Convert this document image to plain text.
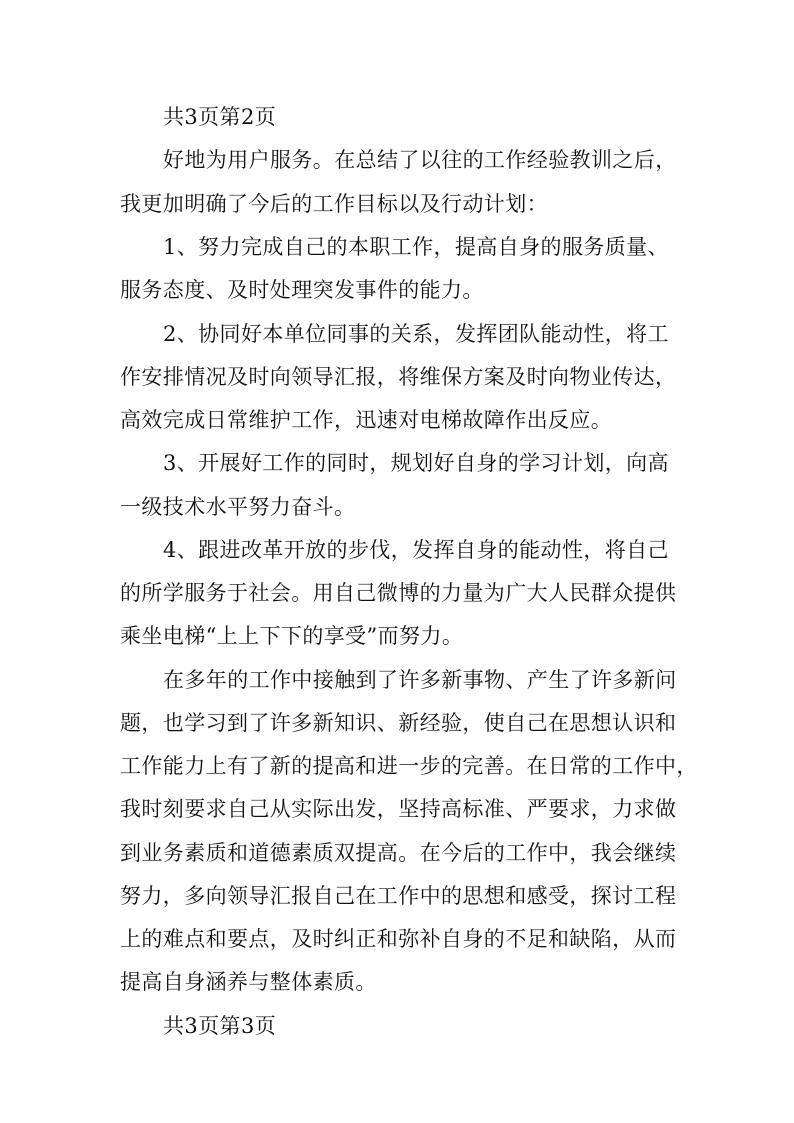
共3页第2页

好地为用户服务。在总结了以往的工作经验教训之后，

我更加明确了今后的工作目标以及行动计划：

1、努力完成自己的本职工作，提高自身的服务质量、

服务态度、及时处理突发事件的能力。

2、协同好本单位同事的关系，发挥团队能动性，将工

作安排情况及时向领导汇报，将维保方案及时向物业传达，

高效完成日常维护工作，迅速对电梯故障作出反应。

3、开展好工作的同时，规划好自身的学习计划，向高

一级技术水平努力奋斗。

4、跟进改革开放的步伐，发挥自身的能动性，将自己

的所学服务于社会。用自己微博的力量为广大人民群众提供

乘坐电梯“上上下下的享受”而努力。

在多年的工作中接触到了许多新事物、产生了许多新问

题，也学习到了许多新知识、新经验，使自己在思想认识和

工作能力上有了新的提高和进一步的完善。在日常的工作中，

我时刻要求自己从实际出发，坚持高标准、严要求，力求做

到业务素质和道德素质双提高。在今后的工作中，我会继续

努力，多向领导汇报自己在工作中的思想和感受，探讨工程

上的难点和要点，及时纠正和弥补自身的不足和缺陷，从而

提高自身涵养与整体素质。

共3页第3页
